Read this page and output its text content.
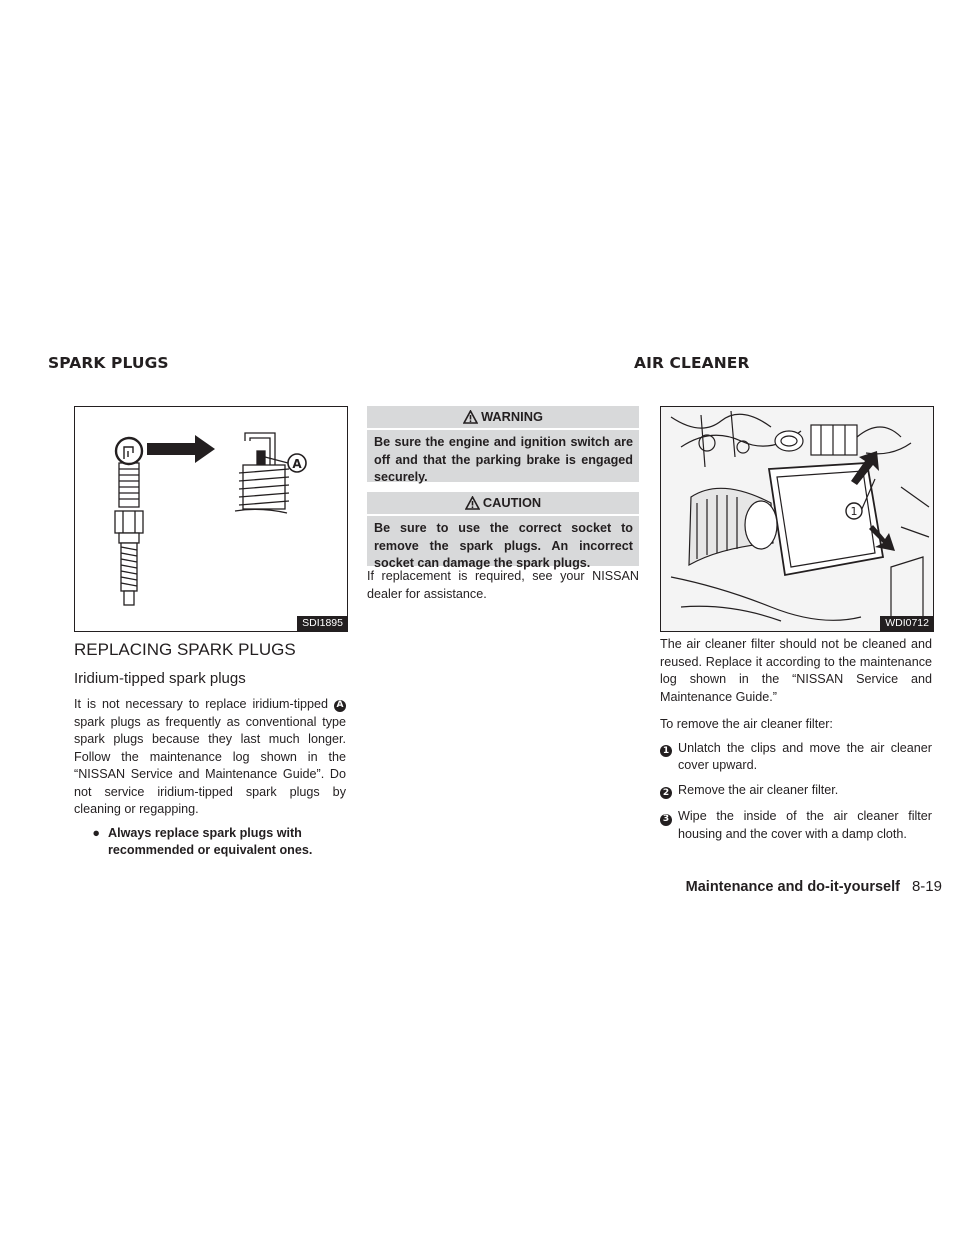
SPARK PLUGS	AIR CLEANER
A
SDI1895
REPLACING SPARK PLUGS
Iridium-tipped spark plugs

It is not necessary to replace iridium-tipped A spark plugs as frequently as conventional type spark plugs because they last much longer. Follow the maintenance log shown in the “NISSAN Service and Maintenance Guide”. Do not service iridium-tipped spark plugs by cleaning or regapping.

● Always replace spark plugs with recommended or equivalent ones.
WARNING
Be sure the engine and ignition switch are off and that the parking brake is engaged securely.
CAUTION
Be sure to use the correct socket to remove the spark plugs. An incorrect socket can damage the spark plugs.

If replacement is required, see your NISSAN dealer for assistance.

1
WDI0712

The air cleaner filter should not be cleaned and reused. Replace it according to the maintenance log shown in the “NISSAN Service and Maintenance Guide.”

To remove the air cleaner filter:

1 Unlatch the clips and move the air cleaner cover upward.
2 Remove the air cleaner filter.
3 Wipe the inside of the air cleaner filter housing and the cover with a damp cloth.
Maintenance and do-it-yourself 8-19
